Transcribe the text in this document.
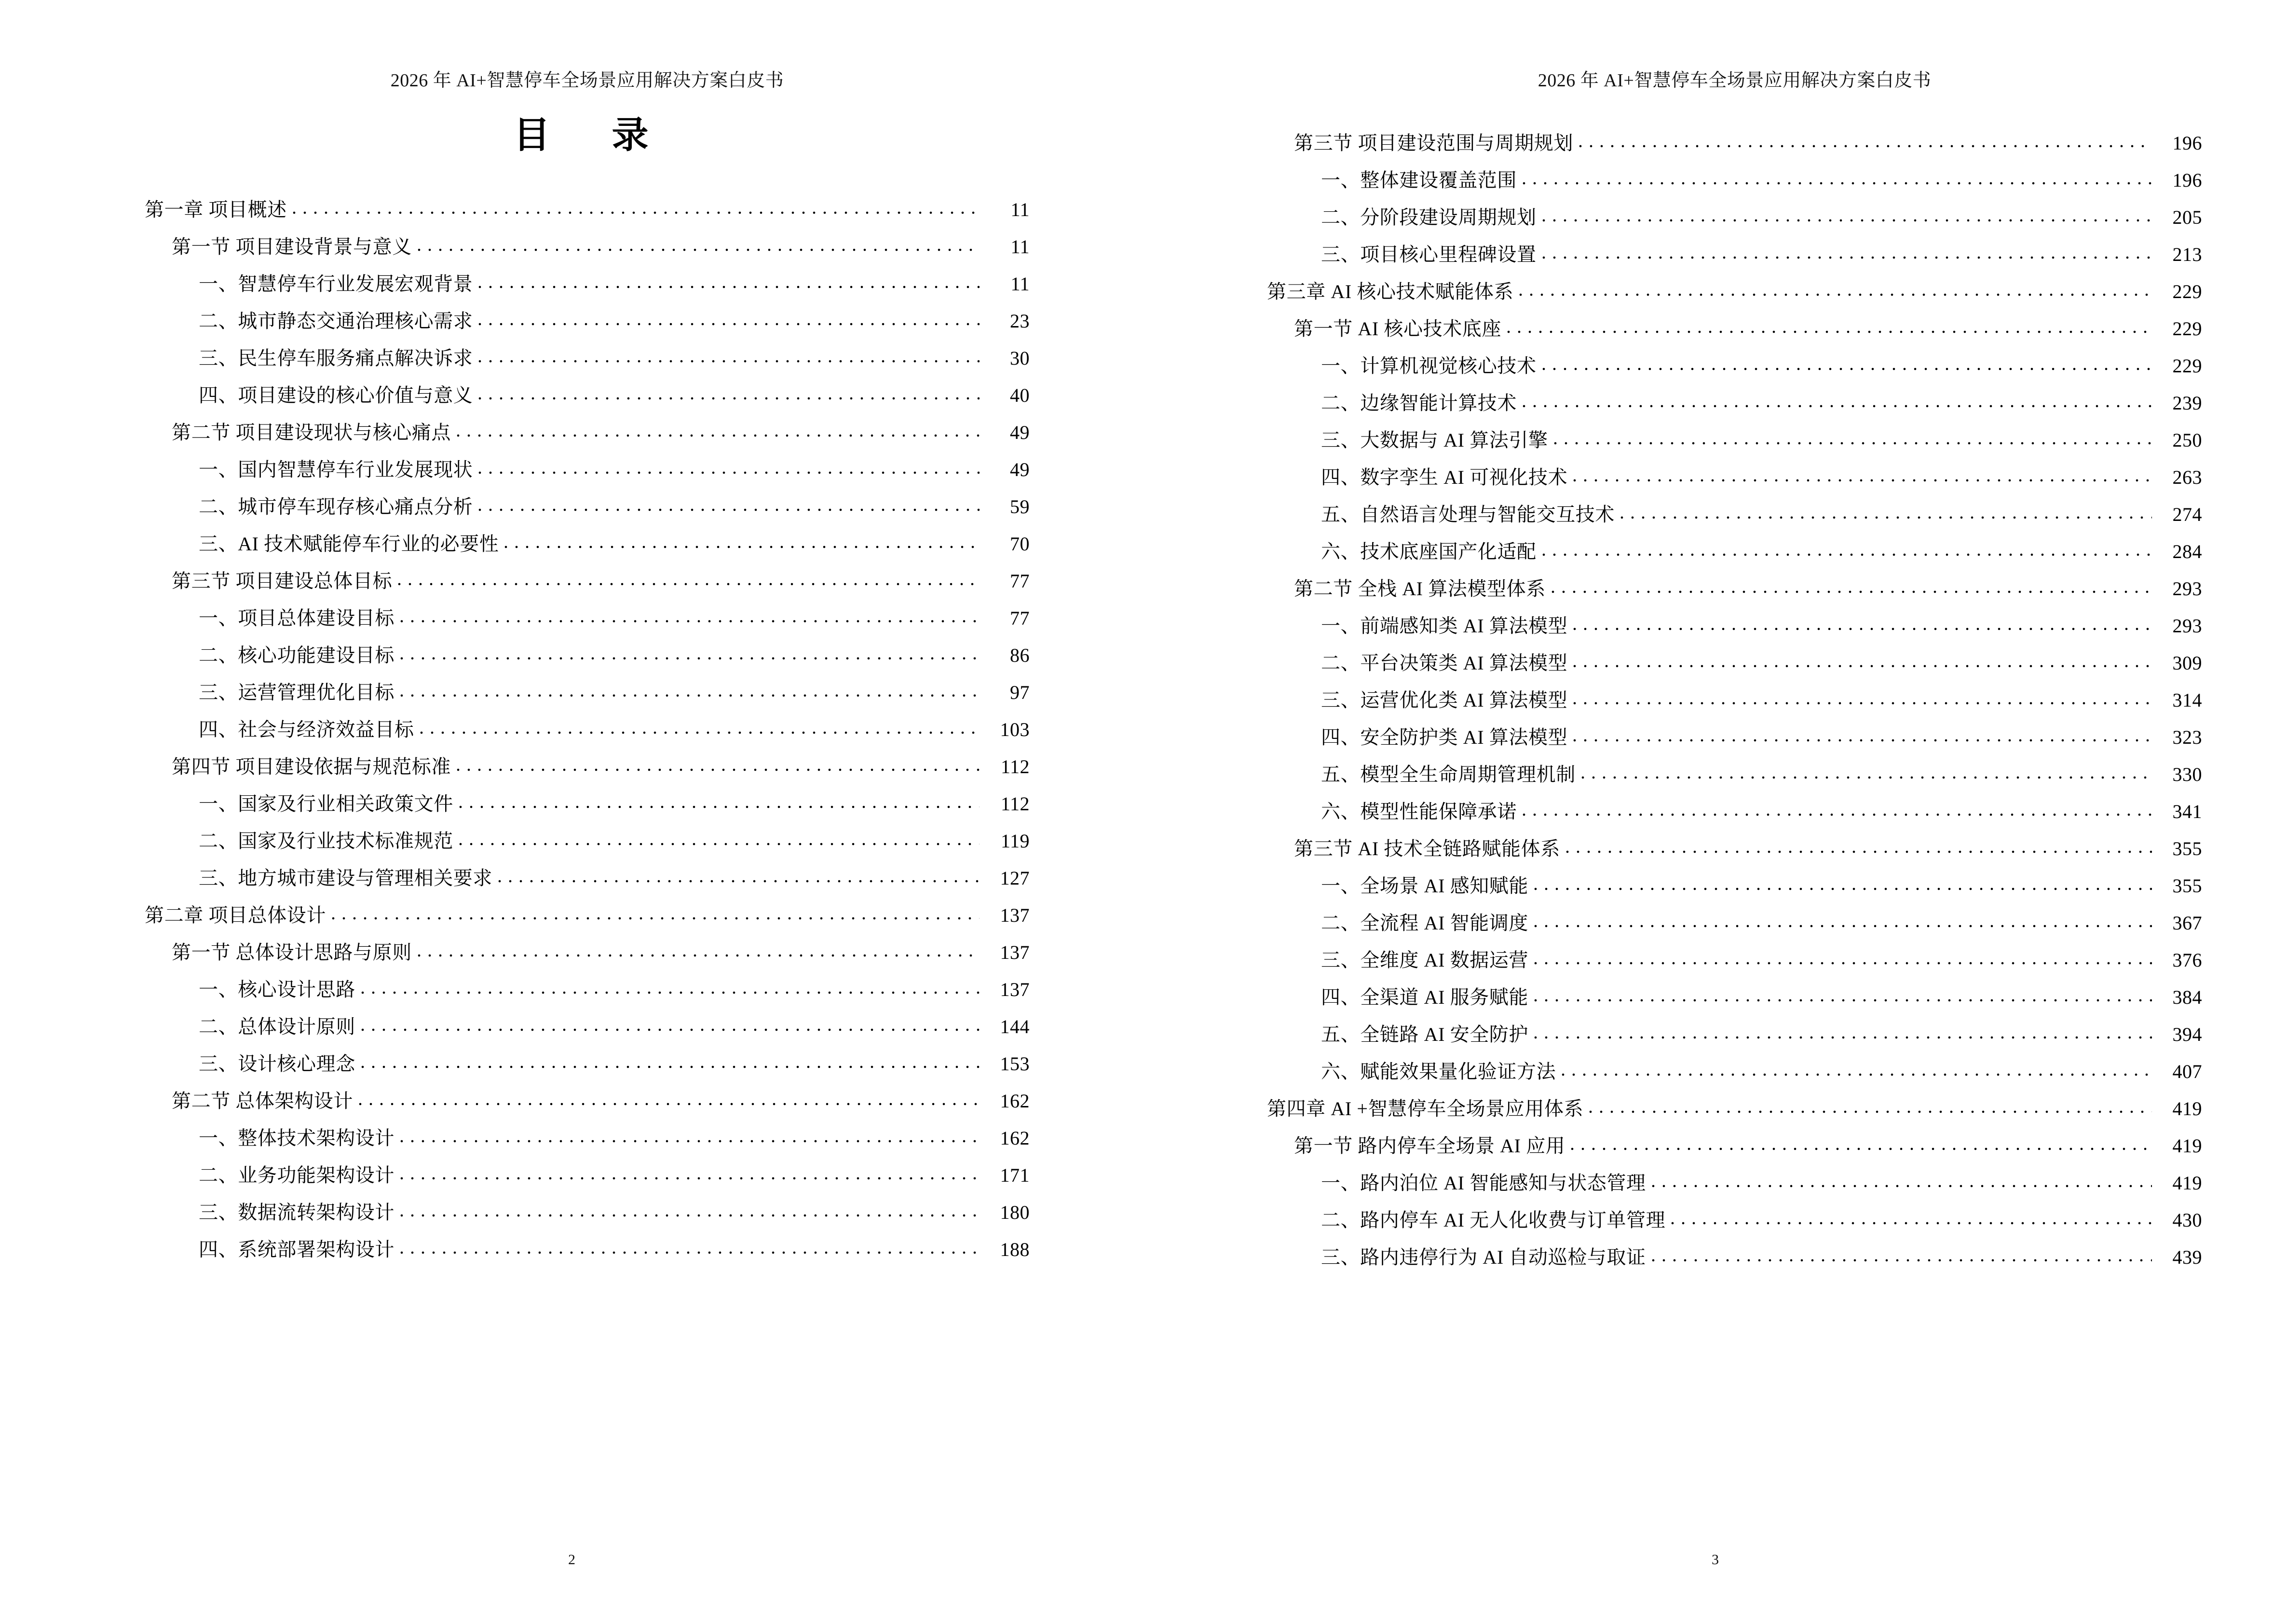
2026 年 AI+智慧停车全场景应用解决方案白皮书
目　录
第一章 项目概述	11
第一节 项目建设背景与意义	11
一、智慧停车行业发展宏观背景	11
二、城市静态交通治理核心需求	23
三、民生停车服务痛点解决诉求	30
四、项目建设的核心价值与意义	40
第二节 项目建设现状与核心痛点	49
一、国内智慧停车行业发展现状	49
二、城市停车现存核心痛点分析	59
三、AI 技术赋能停车行业的必要性	70
第三节 项目建设总体目标	77
一、项目总体建设目标	77
二、核心功能建设目标	86
三、运营管理优化目标	97
四、社会与经济效益目标	103
第四节 项目建设依据与规范标准	112
一、国家及行业相关政策文件	112
二、国家及行业技术标准规范	119
三、地方城市建设与管理相关要求	127
第二章 项目总体设计	137
第一节 总体设计思路与原则	137
一、核心设计思路	137
二、总体设计原则	144
三、设计核心理念	153
第二节 总体架构设计	162
一、整体技术架构设计	162
二、业务功能架构设计	171
三、数据流转架构设计	180
四、系统部署架构设计	188
2
2026 年 AI+智慧停车全场景应用解决方案白皮书
第三节 项目建设范围与周期规划	196
一、整体建设覆盖范围	196
二、分阶段建设周期规划	205
三、项目核心里程碑设置	213
第三章 AI 核心技术赋能体系	229
第一节 AI 核心技术底座	229
一、计算机视觉核心技术	229
二、边缘智能计算技术	239
三、大数据与 AI 算法引擎	250
四、数字孪生 AI 可视化技术	263
五、自然语言处理与智能交互技术	274
六、技术底座国产化适配	284
第二节 全栈 AI 算法模型体系	293
一、前端感知类 AI 算法模型	293
二、平台决策类 AI 算法模型	309
三、运营优化类 AI 算法模型	314
四、安全防护类 AI 算法模型	323
五、模型全生命周期管理机制	330
六、模型性能保障承诺	341
第三节 AI 技术全链路赋能体系	355
一、全场景 AI 感知赋能	355
二、全流程 AI 智能调度	367
三、全维度 AI 数据运营	376
四、全渠道 AI 服务赋能	384
五、全链路 AI 安全防护	394
六、赋能效果量化验证方法	407
第四章 AI +智慧停车全场景应用体系	419
第一节 路内停车全场景 AI 应用	419
一、路内泊位 AI 智能感知与状态管理	419
二、路内停车 AI 无人化收费与订单管理	430
三、路内违停行为 AI 自动巡检与取证	439
3
